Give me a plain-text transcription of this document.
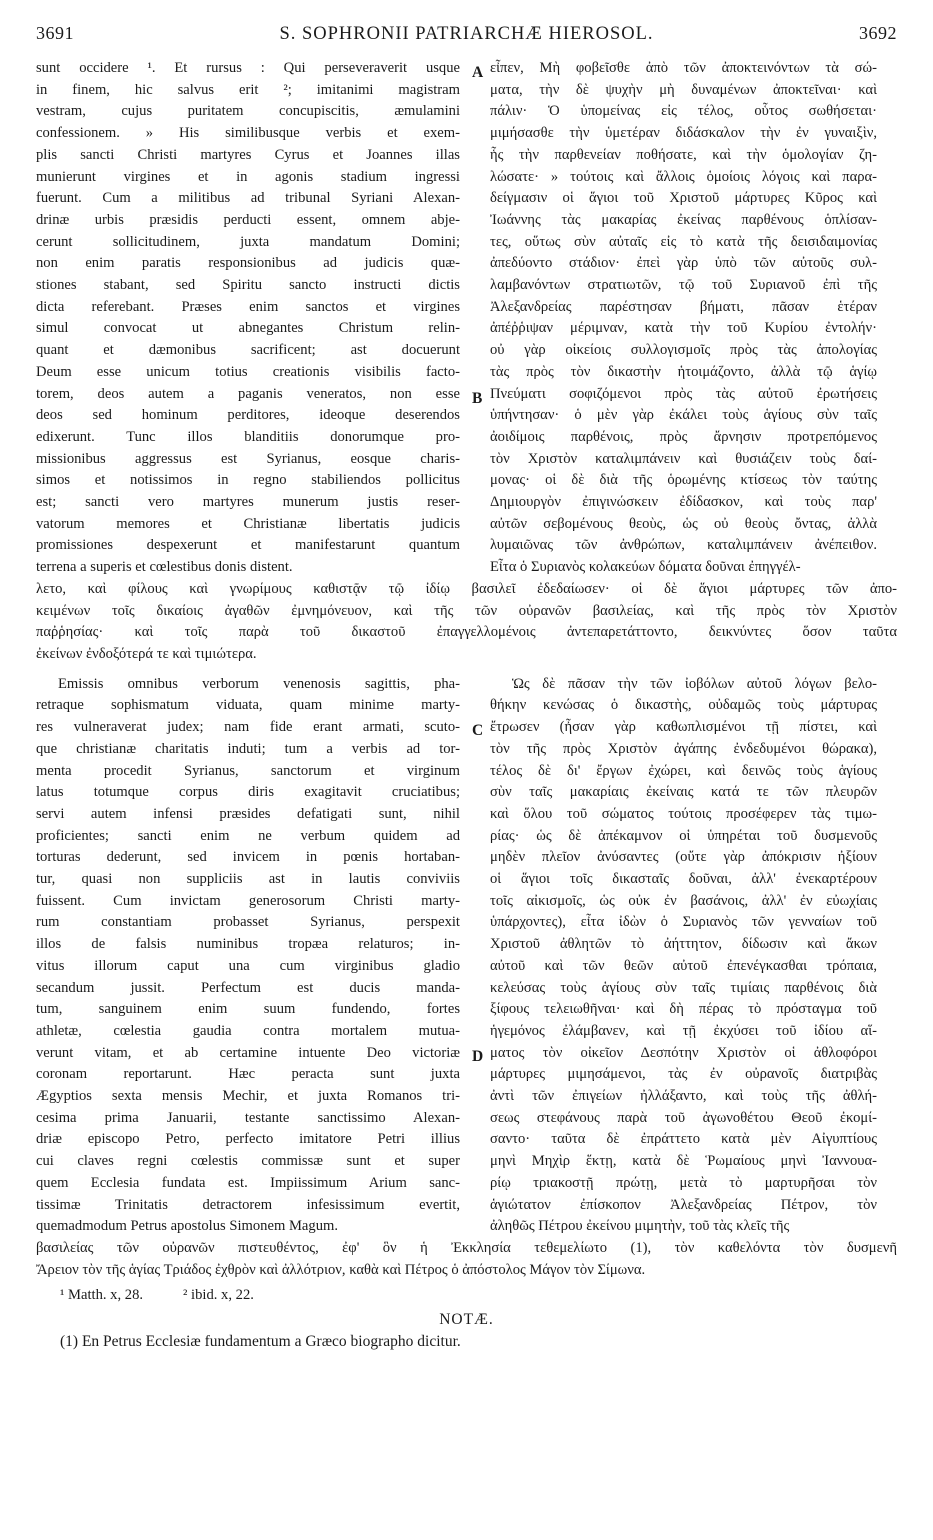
3691	S. SOPHRONII PATRIARCHÆ HIEROSOL.	3692
sunt occidere ¹. Et rursus : Qui perseveraverit usque
in finem, hic salvus erit ²; imitanimi magistram
vestram, cujus puritatem concupiscitis, æmulamini
confessionem. » His similibusque verbis et exem-
plis sancti Christi martyres Cyrus et Joannes illas
munierunt virgines et in agonis stadium ingressi
fuerunt. Cum a militibus ad tribunal Syriani Alexan-
drinæ urbis præsidis perducti essent, omnem abje-
cerunt sollicitudinem, juxta mandatum Domini;
non enim paratis responsionibus ad judicis quæ-
stiones stabant, sed Spiritu sancto instructi dictis
dicta referebant. Præses enim sanctos et virgines
simul convocat ut abnegantes Christum relin-
quant et dæmonibus sacrificent; ast docuerunt
Deum esse unicum totius creationis visibilis facto-
torem, deos autem a paganis veneratos, non esse
deos sed hominum perditores, ideoque deserendos
edixerunt. Tunc illos blanditiis donorumque pro-
missionibus aggressus est Syrianus, eosque charis-
simos et notissimos in regno stabiliendos pollicitus
est; sancti vero martyres munerum justis reser-
vatorum memores et Christianæ libertatis judicis
promissiones despexerunt et manifestarunt quantum
terrena a superis et cœlestibus donis distent.
A
B
εἶπεν, Μὴ φοβεῖσθε ἀπὸ τῶν ἀποκτεινόντων τὰ σώ-
ματα, τὴν δὲ ψυχὴν μὴ δυναμένων ἀποκτεῖναι· καὶ
πάλιν· Ὁ ὑπομείνας εἰς τέλος, οὗτος σωθήσεται·
μιμήσασθε τὴν ὑμετέραν διδάσκαλον τὴν ἐν γυναιξὶν,
ἧς τὴν παρθενείαν ποθήσατε, καὶ τὴν ὁμολογίαν ζη-
λώσατε· » τούτοις καὶ ἄλλοις ὁμοίοις λόγοις καὶ παρα-
δείγμασιν οἱ ἅγιοι τοῦ Χριστοῦ μάρτυρες Κῦρος καὶ
Ἰωάννης τὰς μακαρίας ἐκείνας παρθένους ὁπλίσαν-
τες, οὕτως σὺν αὐταῖς εἰς τὸ κατὰ τῆς δεισιδαιμονίας
ἀπεδύοντο στάδιον· ἐπεὶ γὰρ ὑπὸ τῶν αὐτοῦς συλ-
λαμβανόντων στρατιωτῶν, τῷ τοῦ Συριανοῦ ἐπὶ τῆς
Ἀλεξανδρείας παρέστησαν βήματι, πᾶσαν ἑτέραν
ἀπέῤῥιψαν μέριμναν, κατὰ τὴν τοῦ Κυρίου ἐντολήν·
οὐ γὰρ οἰκείοις συλλογισμοῖς πρὸς τὰς ἀπολογίας
τὰς πρὸς τὸν δικαστὴν ἡτοιμάζοντο, ἀλλὰ τῷ ἁγίῳ
Πνεύματι σοφιζόμενοι πρὸς τὰς αὐτοῦ ἐρωτήσεις
ὑπήντησαν· ὁ μὲν γὰρ ἐκάλει τοὺς ἁγίους σὺν ταῖς
ἀοιδίμοις παρθένοις, πρὸς ἄρνησιν προτρεπόμενος
τὸν Χριστὸν καταλιμπάνειν καὶ θυσιάζειν τοὺς δαί-
μονας· οἱ δὲ διὰ τῆς ὁρωμένης κτίσεως τὸν ταύτης
Δημιουργὸν ἐπιγινώσκειν ἐδίδασκον, καὶ τοὺς παρ'
αὐτῶν σεβομένους θεοὺς, ὡς οὐ θεοὺς ὄντας, ἀλλὰ
λυμαιῶνας τῶν ἀνθρώπων, καταλιμπάνειν ἀνέπειθον.
Εἶτα ὁ Συριανὸς κολακεύων δόματα δοῦναι ἐπηγγέλ-
λετο, καὶ φίλους καὶ γνωρίμους καθιστᾷν τῷ ἰδίῳ βασιλεῖ ἐδεδαίωσεν· οἱ δὲ ἅγιοι μάρτυρες τῶν ἀπο-
κειμένων τοῖς δικαίοις ἀγαθῶν ἐμνημόνευον, καὶ τῆς τῶν οὐρανῶν βασιλείας, καὶ τῆς πρὸς τὸν Χριστὸν
παῤῥησίας· καὶ τοῖς παρὰ τοῦ δικαστοῦ ἐπαγγελλομένοις ἀντεπαρετάττοντο, δεικνύντες ὅσον ταῦτα
ἐκείνων ἐνδοξότερά τε καὶ τιμιώτερα.
Emissis omnibus verborum venenosis sagittis, pha-
retraque sophismatum viduata, quam minime marty-
res vulneraverat judex; nam fide erant armati, scuto-
que christianæ charitatis induti; tum a verbis ad tor-
menta procedit Syrianus, sanctorum et virginum
latus totumque corpus diris exagitavit cruciatibus;
servi autem infensi præsides defatigati sunt, nihil
proficientes; sancti enim ne verbum quidem ad
torturas dederunt, sed invicem in pœnis hortaban-
tur, quasi non suppliciis ast in lautis conviviis
fuissent. Cum invictam generosorum Christi marty-
rum constantiam probasset Syrianus, perspexit
illos de falsis numinibus tropæa relaturos; in-
vitus illorum caput una cum virginibus gladio
secandum jussit. Perfectum est ducis manda-
tum, sanguinem enim suum fundendo, fortes
athletæ, cœlestia gaudia contra mortalem mutua-
verunt vitam, et ab certamine intuente Deo victoriæ
coronam reportarunt. Hæc peracta sunt juxta
Ægyptios sexta mensis Mechir, et juxta Romanos tri-
cesima prima Januarii, testante sanctissimo Alexan-
driæ episcopo Petro, perfecto imitatore Petri illius
cui claves regni cœlestis commissæ sunt et super
quem Ecclesia fundata est. Impiissimum Arium sanc-
tissimæ Trinitatis detractorem infesissimum evertit,
quemadmodum Petrus apostolus Simonem Magum.
C
D
Ὡς δὲ πᾶσαν τὴν τῶν ἰοβόλων αὐτοῦ λόγων βελο-
θήκην κενώσας ὁ δικαστὴς, οὐδαμῶς τοὺς μάρτυρας
ἔτρωσεν (ἦσαν γὰρ καθωπλισμένοι τῇ πίστει, καὶ
τὸν τῆς πρὸς Χριστὸν ἀγάπης ἐνδεδυμένοι θώρακα),
τέλος δὲ δι' ἔργων ἐχώρει, καὶ δεινῶς τοὺς ἁγίους
σὺν ταῖς μακαρίαις ἐκείναις κατά τε τῶν πλευρῶν
καὶ ὅλου τοῦ σώματος τούτοις προσέφερεν τὰς τιμω-
ρίας· ὡς δὲ ἀπέκαμνον οἱ ὑπηρέται τοῦ δυσμενοῦς
μηδὲν πλεῖον ἀνύσαντες (οὔτε γὰρ ἀπόκρισιν ἠξίουν
οἱ ἅγιοι τοῖς δικασταῖς δοῦναι, ἀλλ' ἐνεκαρτέρουν
τοῖς αἰκισμοῖς, ὡς οὐκ ἐν βασάνοις, ἀλλ' ἐν εὐωχίαις
ὑπάρχοντες), εἶτα ἰδὼν ὁ Συριανὸς τῶν γενναίων τοῦ
Χριστοῦ ἀθλητῶν τὸ ἀήττητον, δίδωσιν καὶ ἄκων
αὐτοῦ καὶ τῶν θεῶν αὐτοῦ ἐπενέγκασθαι τρόπαια,
κελεύσας τοὺς ἁγίους σὺν ταῖς τιμίαις παρθένοις διὰ
ξίφους τελειωθῆναι· καὶ δὴ πέρας τὸ πρόσταγμα τοῦ
ἡγεμόνος ἐλάμβανεν, καὶ τῇ ἐκχύσει τοῦ ἰδίου αἵ-
ματος τὸν οἰκεῖον Δεσπότην Χριστὸν οἱ ἀθλοφόροι
μάρτυρες μιμησάμενοι, τὰς ἐν οὐρανοῖς διατριβὰς
ἀντὶ τῶν ἐπιγείων ἠλλάξαντο, καὶ τοὺς τῆς ἀθλή-
σεως στεφάνους παρὰ τοῦ ἀγωνοθέτου Θεοῦ ἐκομί-
σαντο· ταῦτα δὲ ἐπράττετο κατὰ μὲν Αἰγυπτίους
μηνὶ Μηχὶρ ἕκτῃ, κατὰ δὲ Ῥωμαίους μηνὶ Ἰαννουα-
ρίῳ τριακοστῇ πρώτῃ, μετὰ τὸ μαρτυρῆσαι τὸν
ἁγιώτατον ἐπίσκοπον Ἀλεξανδρείας Πέτρον, τὸν
ἀληθῶς Πέτρου ἐκείνου μιμητὴν, τοῦ τὰς κλεῖς τῆς
βασιλείας τῶν οὐρανῶν πιστευθέντος, ἐφ' ὃν ἡ Ἐκκλησία τεθεμελίωτο (1), τὸν καθελόντα τὸν δυσμενῆ
Ἄρειον τὸν τῆς ἁγίας Τριάδος ἐχθρὸν καὶ ἀλλότριον, καθὰ καὶ Πέτρος ὁ ἀπόστολος Μάγον τὸν Σίμωνα.
¹ Matth. x, 28.	² ibid. x, 22.
NOTÆ.
(1) En Petrus Ecclesiæ fundamentum a Græco biographo dicitur.
